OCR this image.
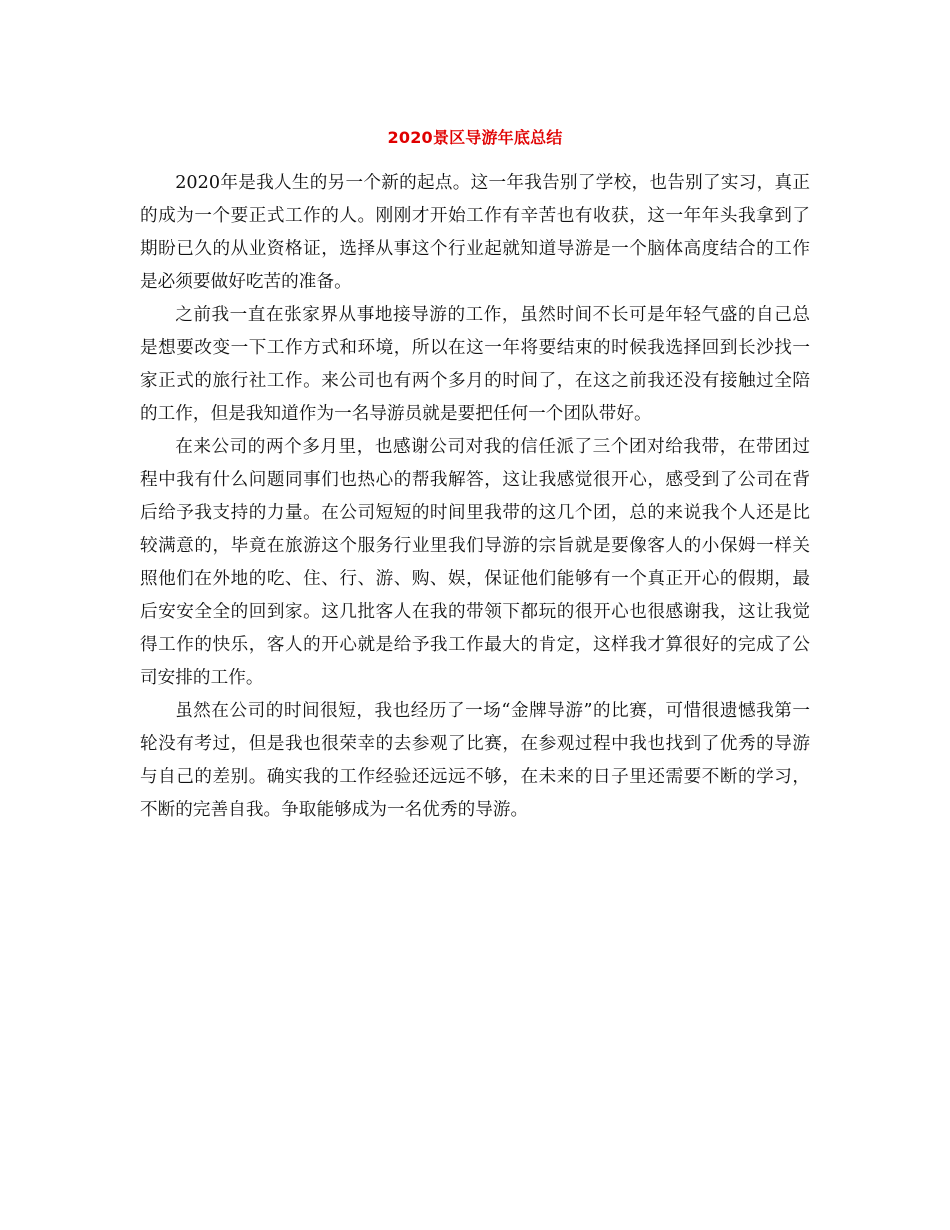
2020景区导游年底总结

2020年是我人生的另一个新的起点。这一年我告别了学校，也告别了实习，真正的成为一个要正式工作的人。刚刚才开始工作有辛苦也有收获，这一年年头我拿到了期盼已久的从业资格证，选择从事这个行业起就知道导游是一个脑体高度结合的工作是必须要做好吃苦的准备。

之前我一直在张家界从事地接导游的工作，虽然时间不长可是年轻气盛的自己总是想要改变一下工作方式和环境，所以在这一年将要结束的时候我选择回到长沙找一家正式的旅行社工作。来公司也有两个多月的时间了，在这之前我还没有接触过全陪的工作，但是我知道作为一名导游员就是要把任何一个团队带好。

在来公司的两个多月里，也感谢公司对我的信任派了三个团对给我带，在带团过程中我有什么问题同事们也热心的帮我解答，这让我感觉很开心，感受到了公司在背后给予我支持的力量。在公司短短的时间里我带的这几个团，总的来说我个人还是比较满意的，毕竟在旅游这个服务行业里我们导游的宗旨就是要像客人的小保姆一样关照他们在外地的吃、住、行、游、购、娱，保证他们能够有一个真正开心的假期，最后安安全全的回到家。这几批客人在我的带领下都玩的很开心也很感谢我，这让我觉得工作的快乐，客人的开心就是给予我工作最大的肯定，这样我才算很好的完成了公司安排的工作。

虽然在公司的时间很短，我也经历了一场“金牌导游”的比赛，可惜很遗憾我第一轮没有考过，但是我也很荣幸的去参观了比赛，在参观过程中我也找到了优秀的导游与自己的差别。确实我的工作经验还远远不够，在未来的日子里还需要不断的学习，不断的完善自我。争取能够成为一名优秀的导游。
